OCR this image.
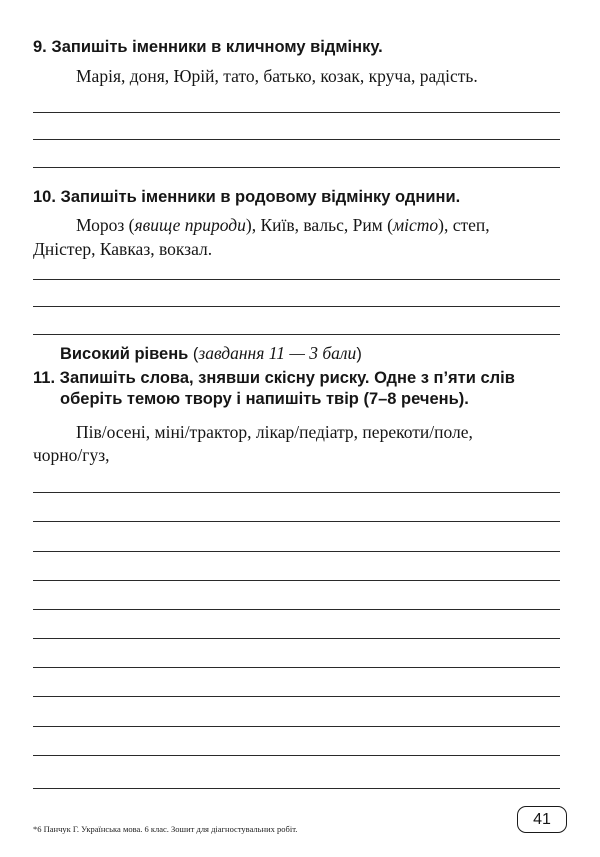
9. Запишіть іменники в кличному відмінку.
Марія, доня, Юрій, тато, батько, козак, круча, радість.
10. Запишіть іменники в родовому відмінку однини.
Мороз (явище природи), Київ, вальс, Рим (місто), степ,
Дністер, Кавказ, вокзал.
Високий рівень (завдання 11 — 3 бали)
11. Запишіть слова, знявши скісну риску. Одне з п’яти слів
оберіть темою твору і напишіть твір (7–8 речень).
Пів/осені, міні/трактор, лікар/педіатр, перекоти/поле,
чорно/гуз,
*6 Панчук Г. Українська мова. 6 клас. Зошит для діагностувальних робіт.
41
